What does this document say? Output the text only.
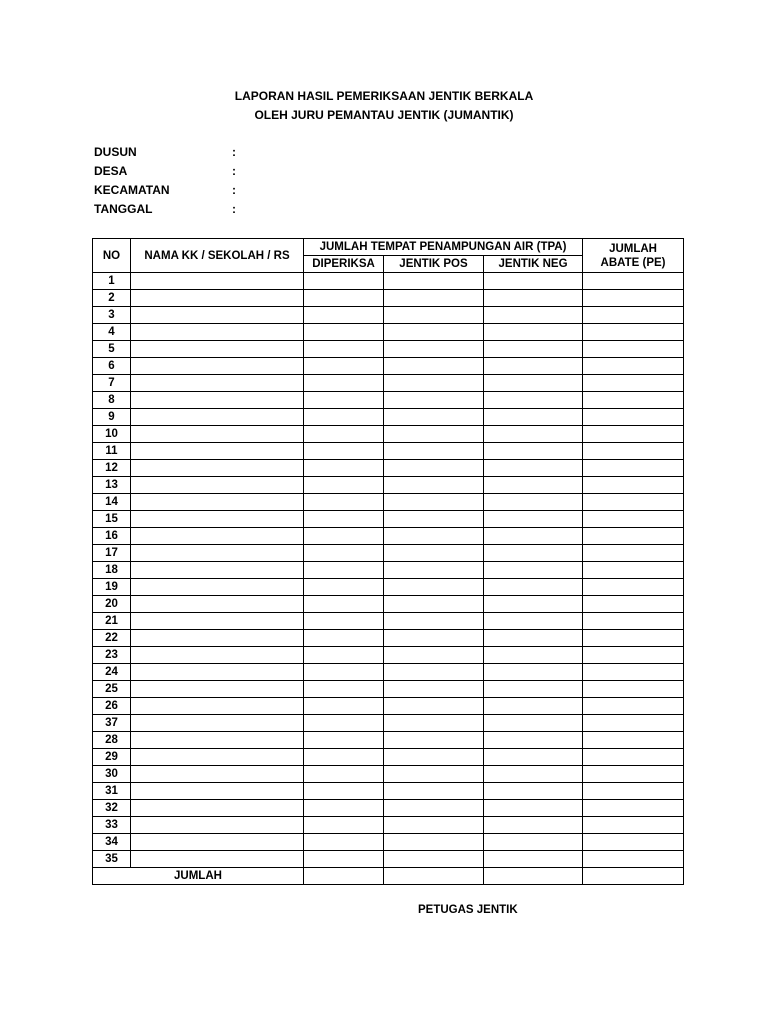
LAPORAN HASIL PEMERIKSAAN JENTIK BERKALA
OLEH JURU PEMANTAU JENTIK (JUMANTIK)
DUSUN	:
DESA	:
KECAMATAN	:
TANGGAL	:
NO	NAMA KK / SEKOLAH / RS	JUMLAH TEMPAT PENAMPUNGAN AIR (TPA)			JUMLAH
ABATE (PE)
		DIPERIKSA	JENTIK POS	JENTIK NEG	
1					
2					
3					
4					
5					
6					
7					
8					
9					
10					
11					
12					
13					
14					
15					
16					
17					
18					
19					
20					
21					
22					
23					
24					
25					
26					
37					
28					
29					
30					
31					
32					
33					
34					
35					
JUMLAH					
PETUGAS JENTIK
